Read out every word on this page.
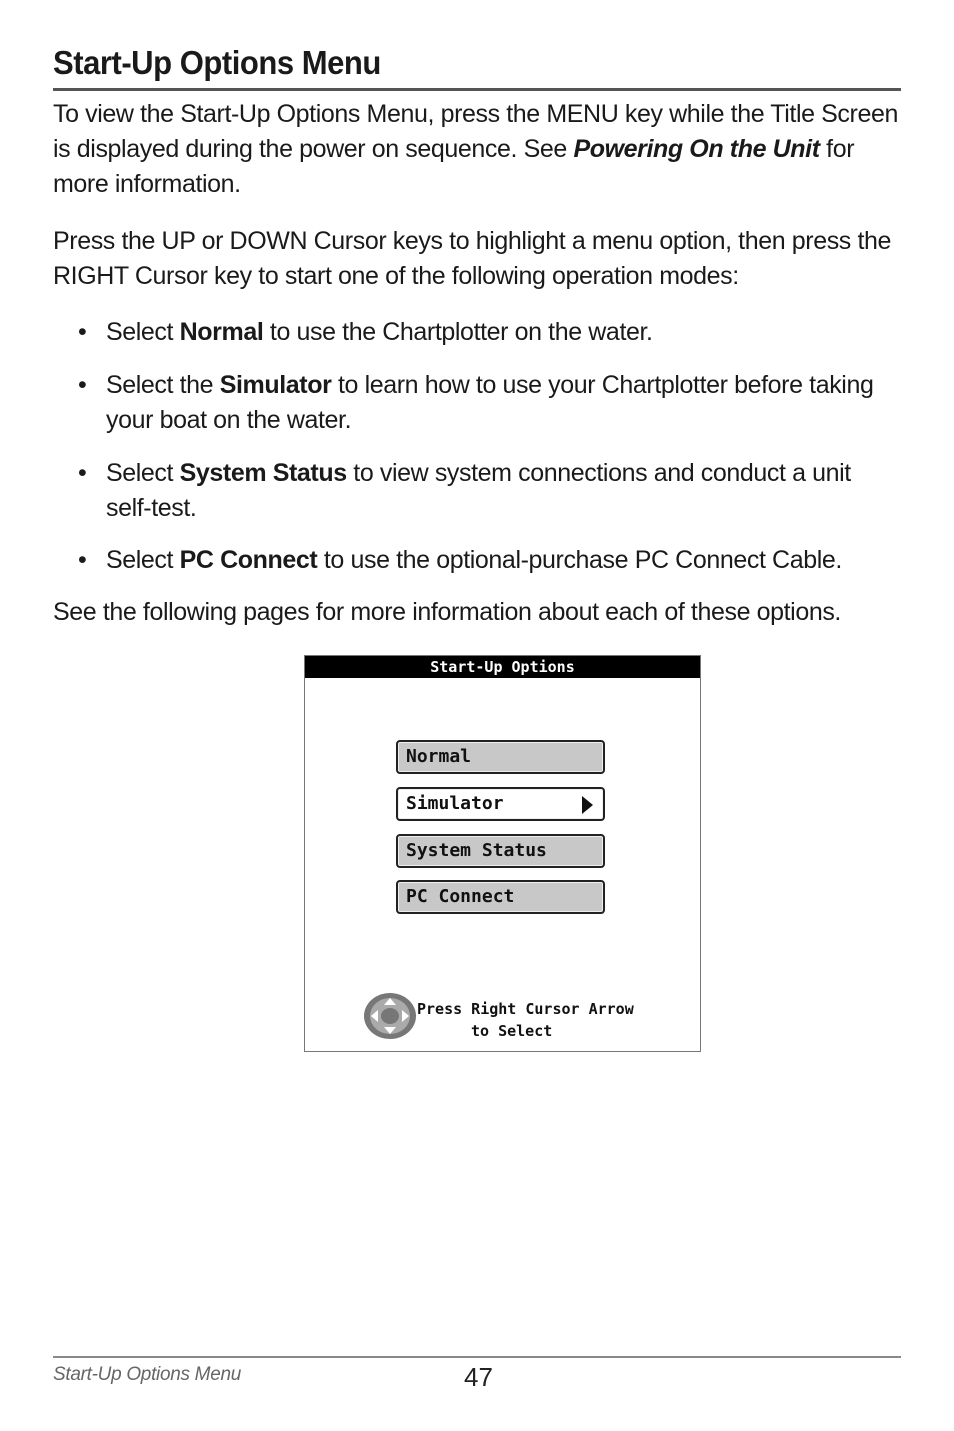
Start-Up Options Menu

To view the Start-Up Options Menu, press the MENU key while the Title Screen is displayed during the power on sequence. See Powering On the Unit for more information.

Press the UP or DOWN Cursor keys to highlight a menu option, then press the RIGHT Cursor key to start one of the following operation modes:

• Select Normal to use the Chartplotter on the water.
• Select the Simulator to learn how to use your Chartplotter before taking your boat on the water.
• Select System Status to view system connections and conduct a unit self-test.
• Select PC Connect to use the optional-purchase PC Connect Cable.

See the following pages for more information about each of these options.

Start-Up Options
Normal
Simulator
System Status
PC Connect
Press Right Cursor Arrow
to Select
Start-Up Options Menu	47
